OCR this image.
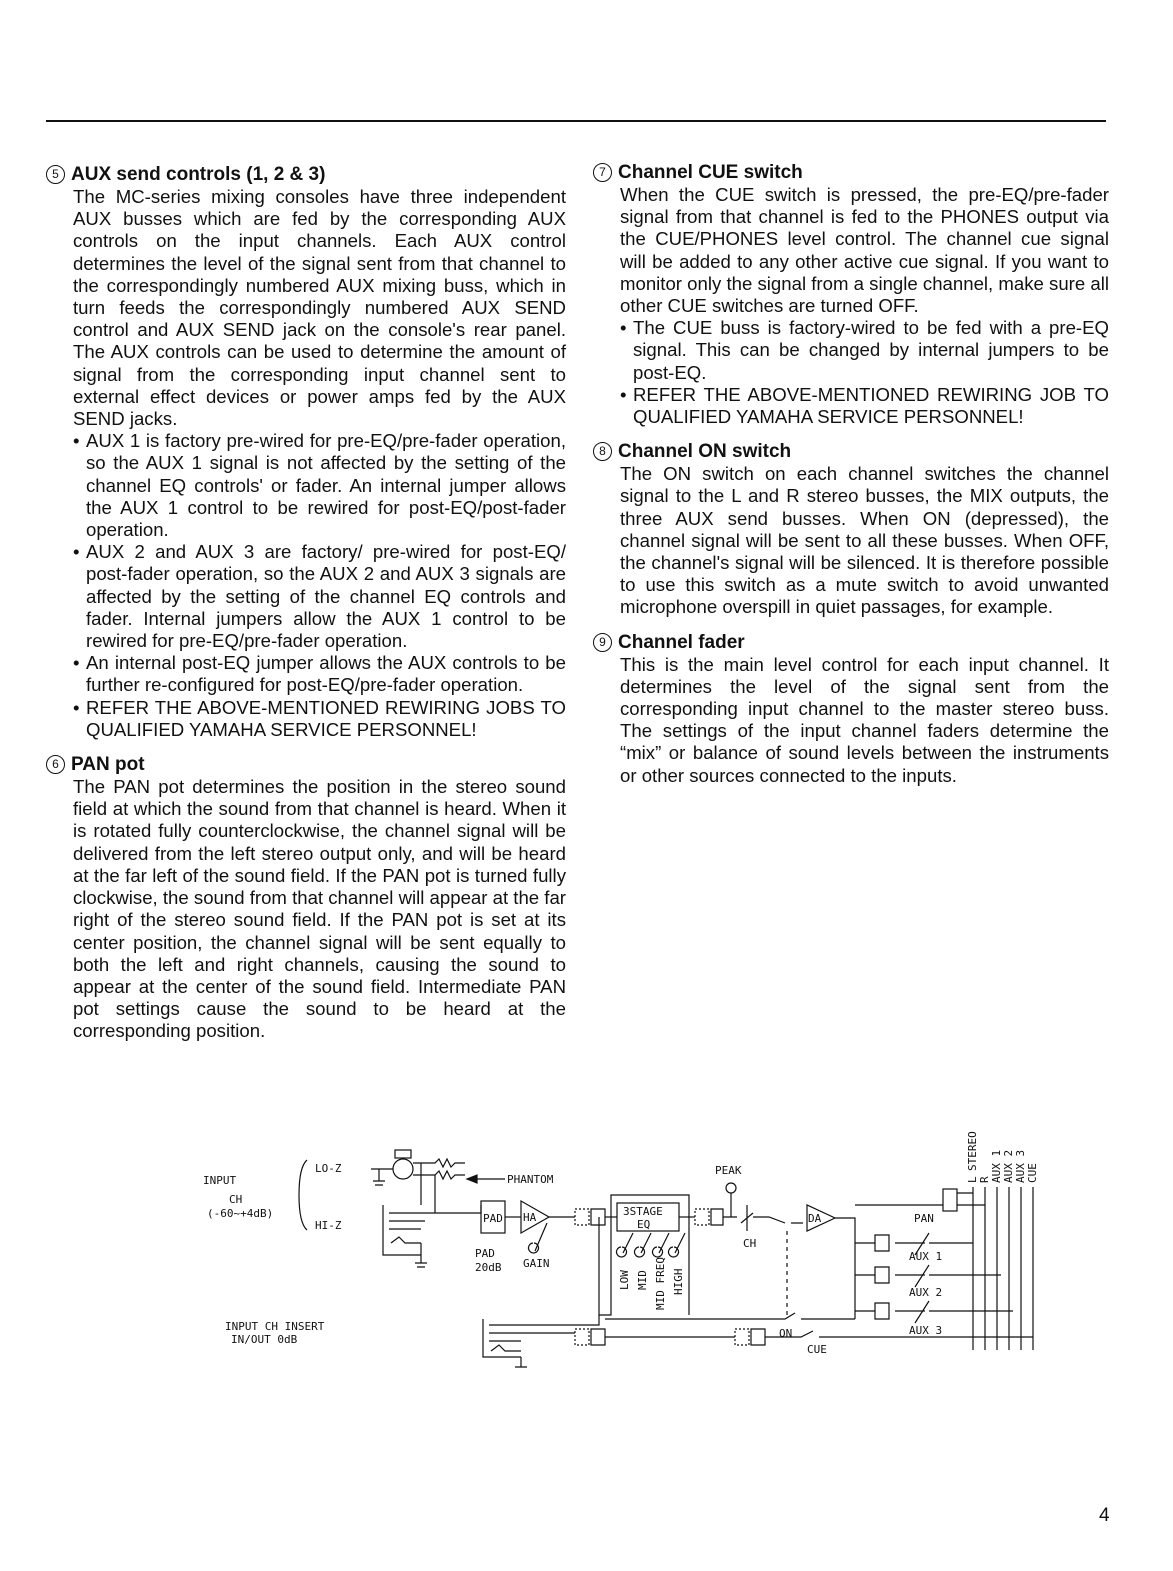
5 AUX send controls (1, 2 & 3)

The MC-series mixing consoles have three independent AUX busses which are fed by the corresponding AUX controls on the input channels. Each AUX control determines the level of the signal sent from that channel to the correspondingly numbered AUX mixing buss, which in turn feeds the correspondingly numbered AUX SEND control and AUX SEND jack on the console's rear panel. The AUX controls can be used to determine the amount of signal from the corresponding input channel sent to external effect devices or power amps fed by the AUX SEND jacks.

• AUX 1 is factory pre-wired for pre-EQ/pre-fader operation, so the AUX 1 signal is not affected by the setting of the channel EQ controls' or fader. An internal jumper allows the AUX 1 control to be rewired for post-EQ/post-fader operation.
• AUX 2 and AUX 3 are factory/ pre-wired for post-EQ/ post-fader operation, so the AUX 2 and AUX 3 signals are affected by the setting of the channel EQ controls and fader. Internal jumpers allow the AUX 1 control to be rewired for pre-EQ/pre-fader operation.
• An internal post-EQ jumper allows the AUX controls to be further re-configured for post-EQ/pre-fader operation.
• REFER THE ABOVE-MENTIONED REWIRING JOBS TO QUALIFIED YAMAHA SERVICE PERSONNEL!
6 PAN pot

The PAN pot determines the position in the stereo sound field at which the sound from that channel is heard. When it is rotated fully counterclockwise, the channel signal will be delivered from the left stereo output only, and will be heard at the far left of the sound field. If the PAN pot is turned fully clockwise, the sound from that channel will appear at the far right of the stereo sound field. If the PAN pot is set at its center position, the channel signal will be sent equally to both the left and right channels, causing the sound to appear at the center of the sound field. Intermediate PAN pot settings cause the sound to be heard at the corresponding position.

7 Channel CUE switch

When the CUE switch is pressed, the pre-EQ/pre-fader signal from that channel is fed to the PHONES output via the CUE/PHONES level control. The channel cue signal will be added to any other active cue signal. If you want to monitor only the signal from a single channel, make sure all other CUE switches are turned OFF.

• The CUE buss is factory-wired to be fed with a pre-EQ signal. This can be changed by internal jumpers to be post-EQ.
• REFER THE ABOVE-MENTIONED REWIRING JOB TO QUALIFIED YAMAHA SERVICE PERSONNEL!
8 Channel ON switch

The ON switch on each channel switches the channel signal to the L and R stereo busses, the MIX outputs, the three AUX send busses. When ON (depressed), the channel signal will be sent to all these busses. When OFF, the channel's signal will be silenced. It is therefore possible to use this switch as a mute switch to avoid unwanted microphone overspill in quiet passages, for example.

9 Channel fader

This is the main level control for each input channel. It determines the level of the signal sent from the corresponding input channel to the master stereo buss. The settings of the input channel faders determine the “mix” or balance of sound levels between the instruments or other sources connected to the inputs.

INPUT
CH
(-60~+4dB)
LO-Z
HI-Z
PHANTOM
PAD HA
PAD
20dB GAIN
3STAGE
EQ
LOW MID MID FREQ HIGH
PEAK
CH
DA	PAN
AUX 1
AUX 2
AUX 3
L
STEREO
R AUX 1 AUX 2 AUX 3 CUE
INPUT CH INSERT
IN/OUT 0dB	ON
CUE
4
